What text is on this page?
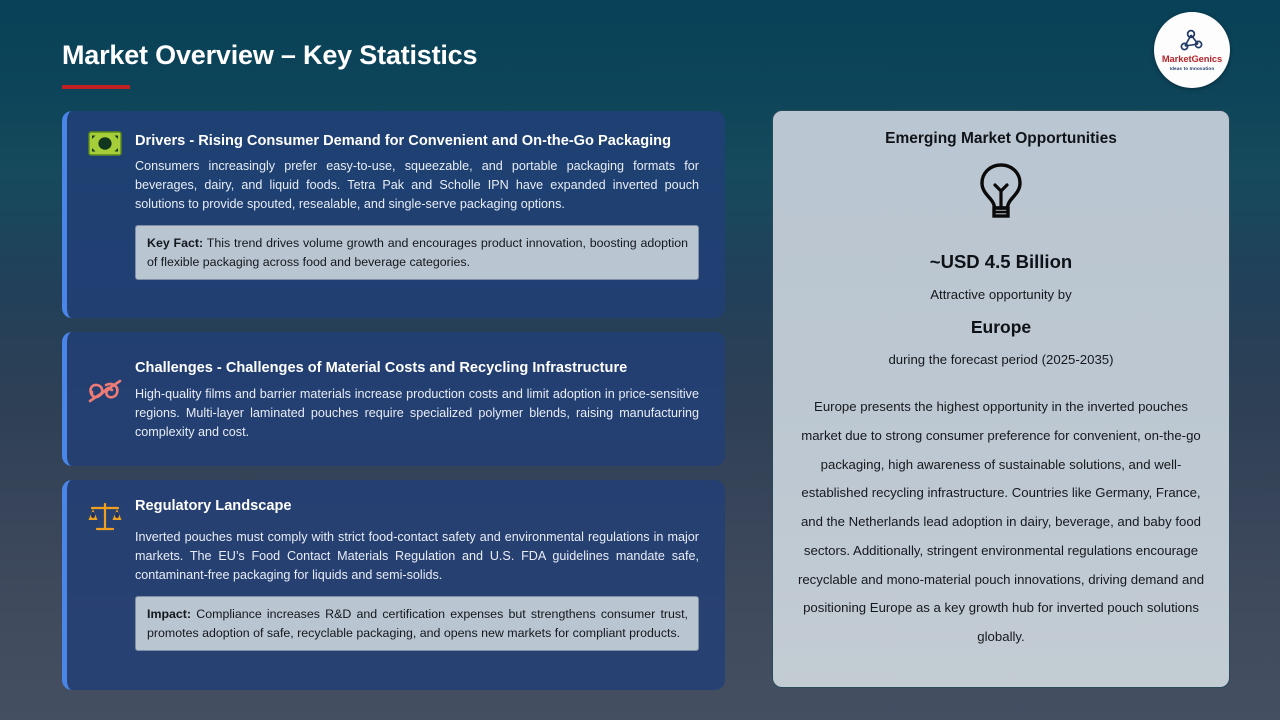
Market Overview – Key Statistics	MarketGenics
Ideas to Innovation
Drivers - Rising Consumer Demand for Convenient and On-the-Go Packaging
Consumers increasingly prefer easy-to-use, squeezable, and portable packaging formats for beverages, dairy, and liquid foods. Tetra Pak and Scholle IPN have expanded inverted pouch solutions to provide spouted, resealable, and single-serve packaging options.
Key Fact: This trend drives volume growth and encourages product innovation, boosting adoption of flexible packaging across food and beverage categories.
Challenges - Challenges of Material Costs and Recycling Infrastructure
High-quality films and barrier materials increase production costs and limit adoption in price-sensitive regions. Multi-layer laminated pouches require specialized polymer blends, raising manufacturing complexity and cost.
Regulatory Landscape
Inverted pouches must comply with strict food-contact safety and environmental regulations in major markets. The EU’s Food Contact Materials Regulation and U.S. FDA guidelines mandate safe, contaminant-free packaging for liquids and semi-solids.
Impact: Compliance increases R&D and certification expenses but strengthens consumer trust, promotes adoption of safe, recyclable packaging, and opens new markets for compliant products.
Emerging Market Opportunities
~USD 4.5 Billion
Attractive opportunity by
Europe
during the forecast period (2025-2035)
Europe presents the highest opportunity in the inverted pouches market due to strong consumer preference for convenient, on-the-go packaging, high awareness of sustainable solutions, and well-established recycling infrastructure. Countries like Germany, France, and the Netherlands lead adoption in dairy, beverage, and baby food sectors. Additionally, stringent environmental regulations encourage recyclable and mono-material pouch innovations, driving demand and positioning Europe as a key growth hub for inverted pouch solutions globally.
